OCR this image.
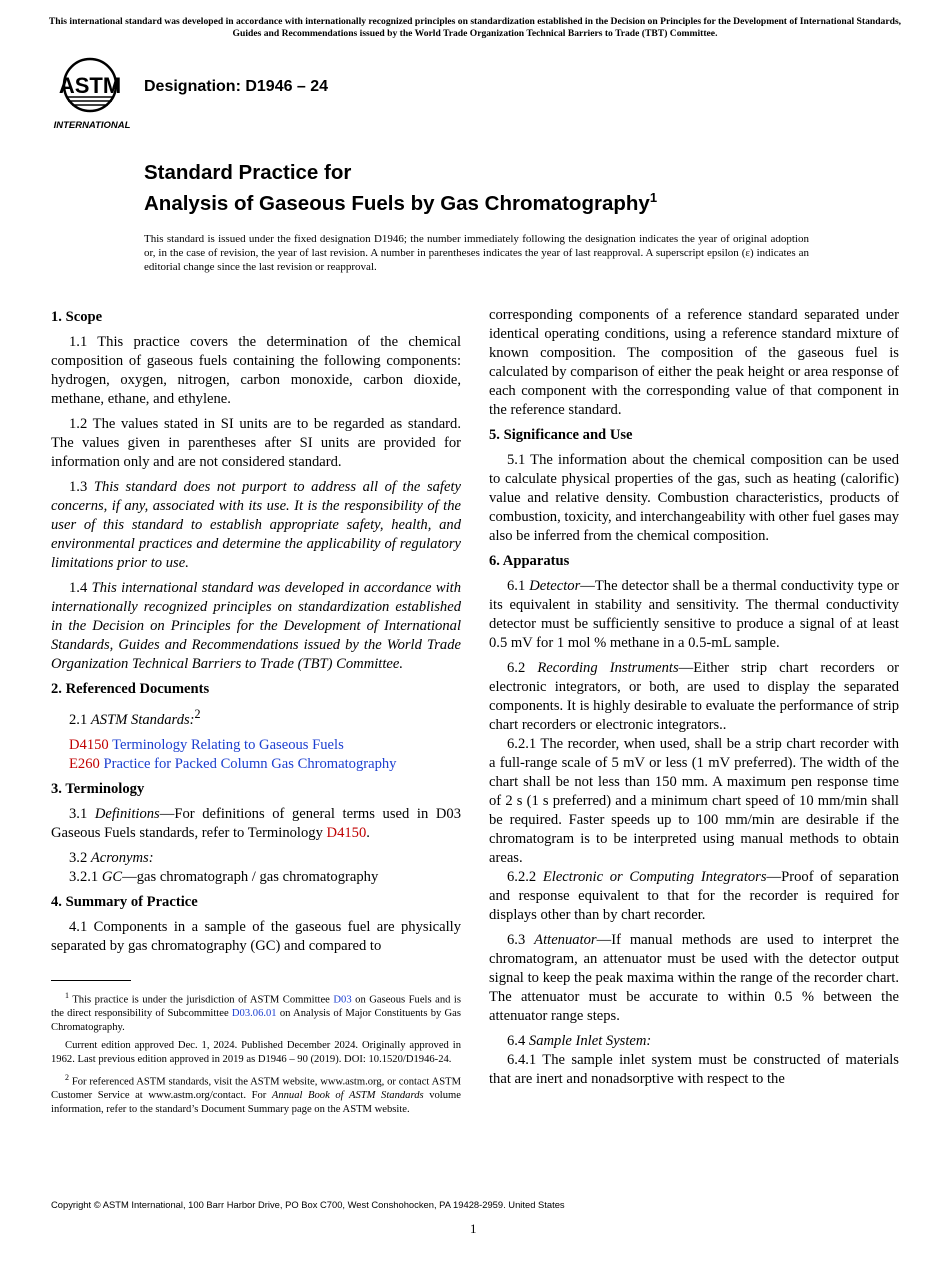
This international standard was developed in accordance with internationally recognized principles on standardization established in the Decision on Principles for the Development of International Standards, Guides and Recommendations issued by the World Trade Organization Technical Barriers to Trade (TBT) Committee.
ASTM
INTERNATIONAL
Designation: D1946 – 24
Standard Practice for
Analysis of Gaseous Fuels by Gas Chromatography$^1$
This standard is issued under the fixed designation D1946; the number immediately following the designation indicates the year of original adoption or, in the case of revision, the year of last revision. A number in parentheses indicates the year of last reapproval. A superscript epsilon (ε) indicates an editorial change since the last revision or reapproval.
1. Scope

1.1 This practice covers the determination of the chemical composition of gaseous fuels containing the following components: hydrogen, oxygen, nitrogen, carbon monoxide, carbon dioxide, methane, ethane, and ethylene.

1.2 The values stated in SI units are to be regarded as standard. The values given in parentheses after SI units are provided for information only and are not considered standard.

1.3 This standard does not purport to address all of the safety concerns, if any, associated with its use. It is the responsibility of the user of this standard to establish appropriate safety, health, and environmental practices and determine the applicability of regulatory limitations prior to use.

1.4 This international standard was developed in accordance with internationally recognized principles on standardization established in the Decision on Principles for the Development of International Standards, Guides and Recommendations issued by the World Trade Organization Technical Barriers to Trade (TBT) Committee.

2. Referenced Documents

2.1 ASTM Standards:$^2$

D4150 Terminology Relating to Gaseous Fuels
E260 Practice for Packed Column Gas Chromatography
3. Terminology

3.1 Definitions—For definitions of general terms used in D03 Gaseous Fuels standards, refer to Terminology D4150.

3.2 Acronyms:

3.2.1 GC—gas chromatograph / gas chromatography

4. Summary of Practice

4.1 Components in a sample of the gaseous fuel are physically separated by gas chromatography (GC) and compared to

corresponding components of a reference standard separated under identical operating conditions, using a reference standard mixture of known composition. The composition of the gaseous fuel is calculated by comparison of either the peak height or area response of each component with the corresponding value of that component in the reference standard.

5. Significance and Use

5.1 The information about the chemical composition can be used to calculate physical properties of the gas, such as heating (calorific) value and relative density. Combustion characteristics, products of combustion, toxicity, and interchangeability with other fuel gases may also be inferred from the chemical composition.

6. Apparatus

6.1 Detector—The detector shall be a thermal conductivity type or its equivalent in stability and sensitivity. The thermal conductivity detector must be sufficiently sensitive to produce a signal of at least 0.5 mV for 1 mol % methane in a 0.5-mL sample.

6.2 Recording Instruments—Either strip chart recorders or electronic integrators, or both, are used to display the separated components. It is highly desirable to evaluate the performance of strip chart recorders or electronic integrators..

6.2.1 The recorder, when used, shall be a strip chart recorder with a full-range scale of 5 mV or less (1 mV preferred). The width of the chart shall be not less than 150 mm. A maximum pen response time of 2 s (1 s preferred) and a minimum chart speed of 10 mm/min shall be required. Faster speeds up to 100 mm/min are desirable if the chromatogram is to be interpreted using manual methods to obtain areas.

6.2.2 Electronic or Computing Integrators—Proof of separation and response equivalent to that for the recorder is required for displays other than by chart recorder.

6.3 Attenuator—If manual methods are used to interpret the chromatogram, an attenuator must be used with the detector output signal to keep the peak maxima within the range of the recorder chart. The attenuator must be accurate to within 0.5 % between the attenuator range steps.

6.4 Sample Inlet System:

6.4.1 The sample inlet system must be constructed of materials that are inert and nonadsorptive with respect to the

$^1$ This practice is under the jurisdiction of ASTM Committee D03 on Gaseous Fuels and is the direct responsibility of Subcommittee D03.06.01 on Analysis of Major Constituents by Gas Chromatography.

Current edition approved Dec. 1, 2024. Published December 2024. Originally approved in 1962. Last previous edition approved in 2019 as D1946 – 90 (2019). DOI: 10.1520/D1946-24.

$^2$ For referenced ASTM standards, visit the ASTM website, www.astm.org, or contact ASTM Customer Service at www.astm.org/contact. For Annual Book of ASTM Standards volume information, refer to the standard’s Document Summary page on the ASTM website.

Copyright © ASTM International, 100 Barr Harbor Drive, PO Box C700, West Conshohocken, PA 19428-2959. United States
1
